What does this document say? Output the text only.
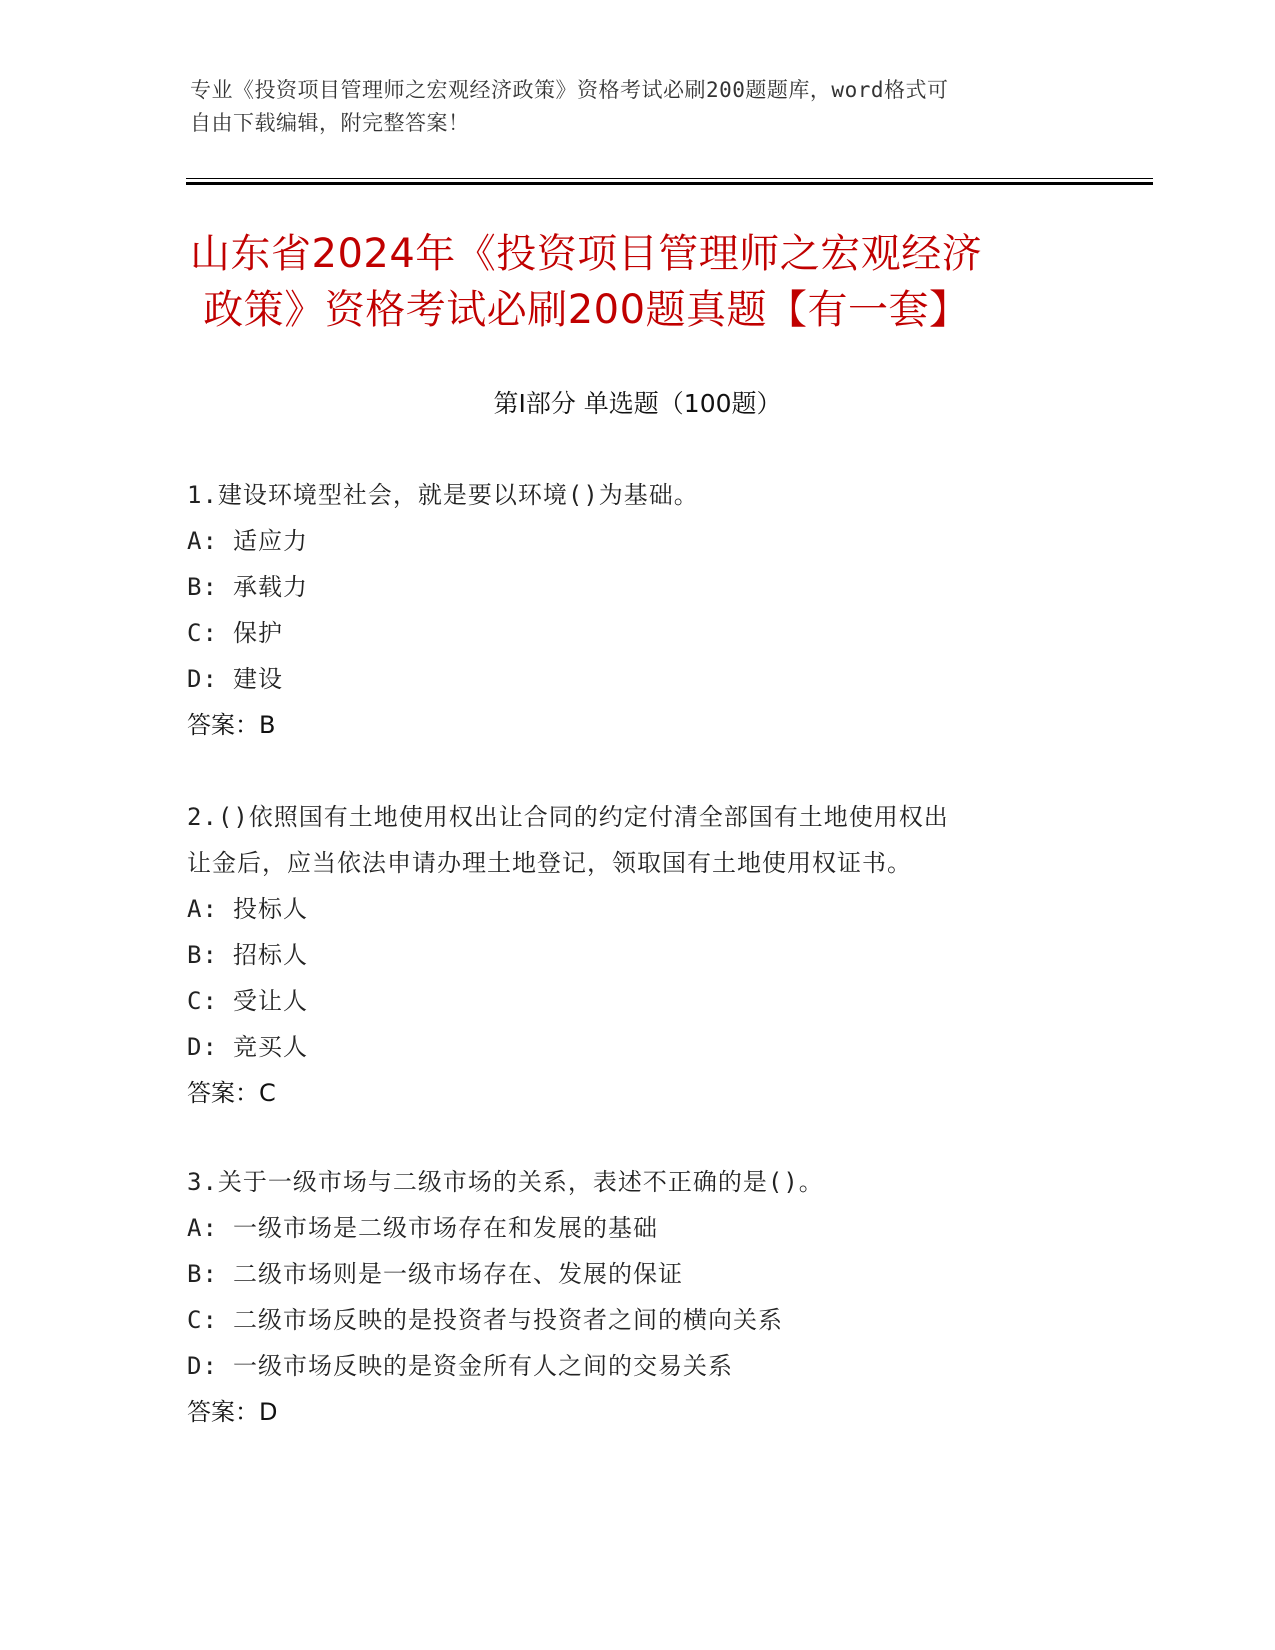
专业《投资项目管理师之宏观经济政策》资格考试必刷200题题库，word格式可
自由下载编辑，附完整答案！
山东省2024年《投资项目管理师之宏观经济
政策》资格考试必刷200题真题【有一套】
第Ⅰ部分 单选题（100题）
1.建设环境型社会，就是要以环境()为基础。
A: 适应力
B: 承载力
C: 保护
D: 建设
答案：B
2.()依照国有土地使用权出让合同的约定付清全部国有土地使用权出
让金后，应当依法申请办理土地登记，领取国有土地使用权证书。
A: 投标人
B: 招标人
C: 受让人
D: 竞买人
答案：C
3.关于一级市场与二级市场的关系，表述不正确的是()。
A: 一级市场是二级市场存在和发展的基础
B: 二级市场则是一级市场存在、发展的保证
C: 二级市场反映的是投资者与投资者之间的横向关系
D: 一级市场反映的是资金所有人之间的交易关系
答案：D
